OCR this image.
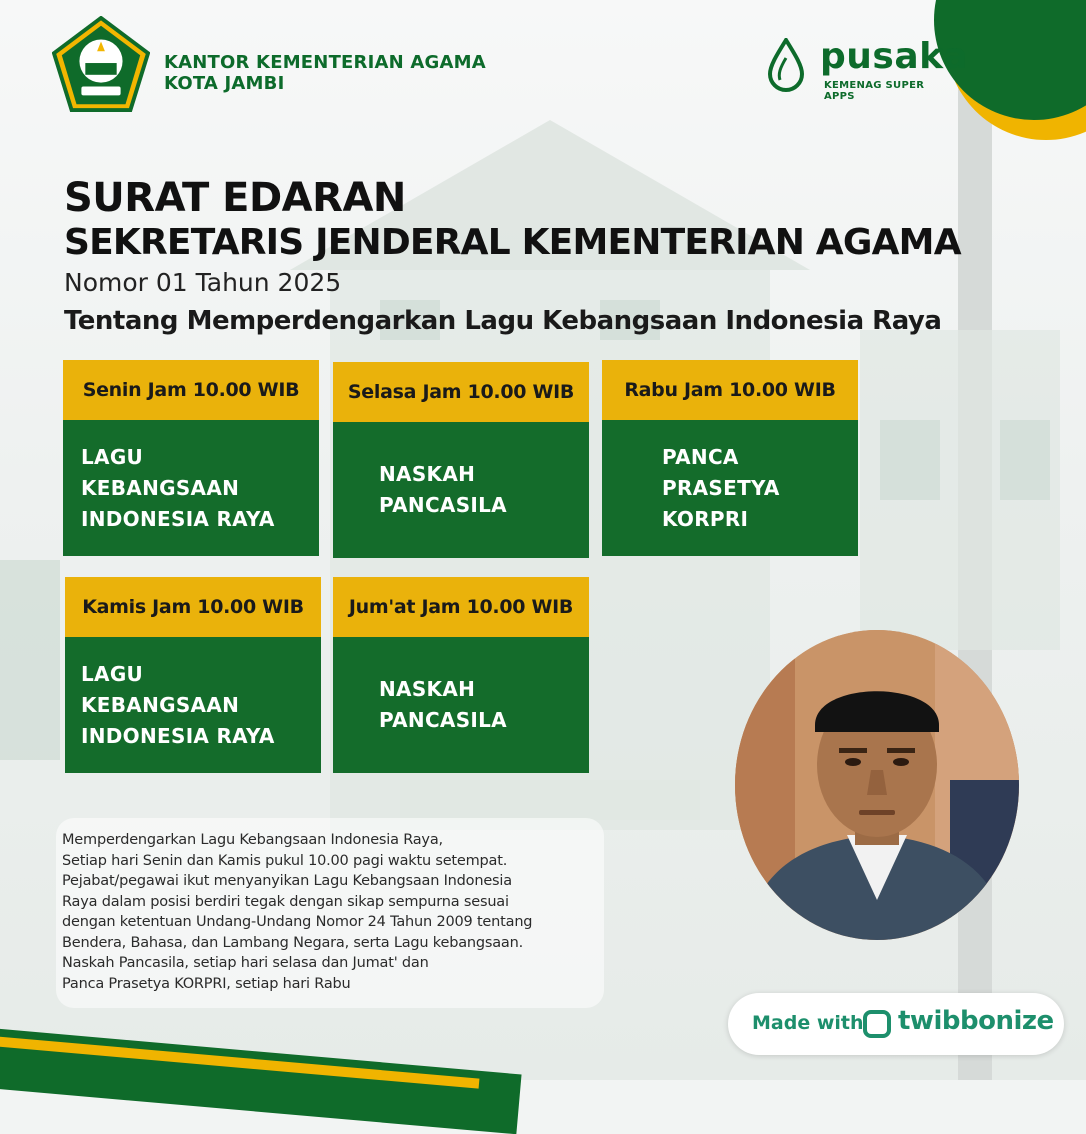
KANTOR KEMENTERIAN AGAMA
KOTA JAMBI
pusaka
KEMENAG SUPER APPS
SURAT EDARAN
SEKRETARIS JENDERAL KEMENTERIAN AGAMA
Nomor 01 Tahun 2025
Tentang Memperdengarkan Lagu Kebangsaan Indonesia Raya
Senin Jam 10.00 WIB
LAGU
KEBANGSAAN
INDONESIA RAYA
Selasa Jam 10.00 WIB
NASKAH
PANCASILA
Rabu Jam 10.00 WIB
PANCA
PRASETYA
KORPRI
Kamis Jam 10.00 WIB
LAGU
KEBANGSAAN
INDONESIA RAYA
Jum'at Jam 10.00 WIB
NASKAH
PANCASILA
Memperdengarkan Lagu Kebangsaan Indonesia Raya,
Setiap hari Senin dan Kamis pukul 10.00 pagi waktu setempat.
Pejabat/pegawai ikut menyanyikan Lagu Kebangsaan Indonesia
Raya dalam posisi berdiri tegak dengan sikap sempurna sesuai
dengan ketentuan Undang-Undang Nomor 24 Tahun 2009 tentang
Bendera, Bahasa, dan Lambang Negara, serta Lagu kebangsaan.
Naskah Pancasila, setiap hari selasa dan Jumat' dan
Panca Prasetya KORPRI, setiap hari Rabu
Made with twibbonize
